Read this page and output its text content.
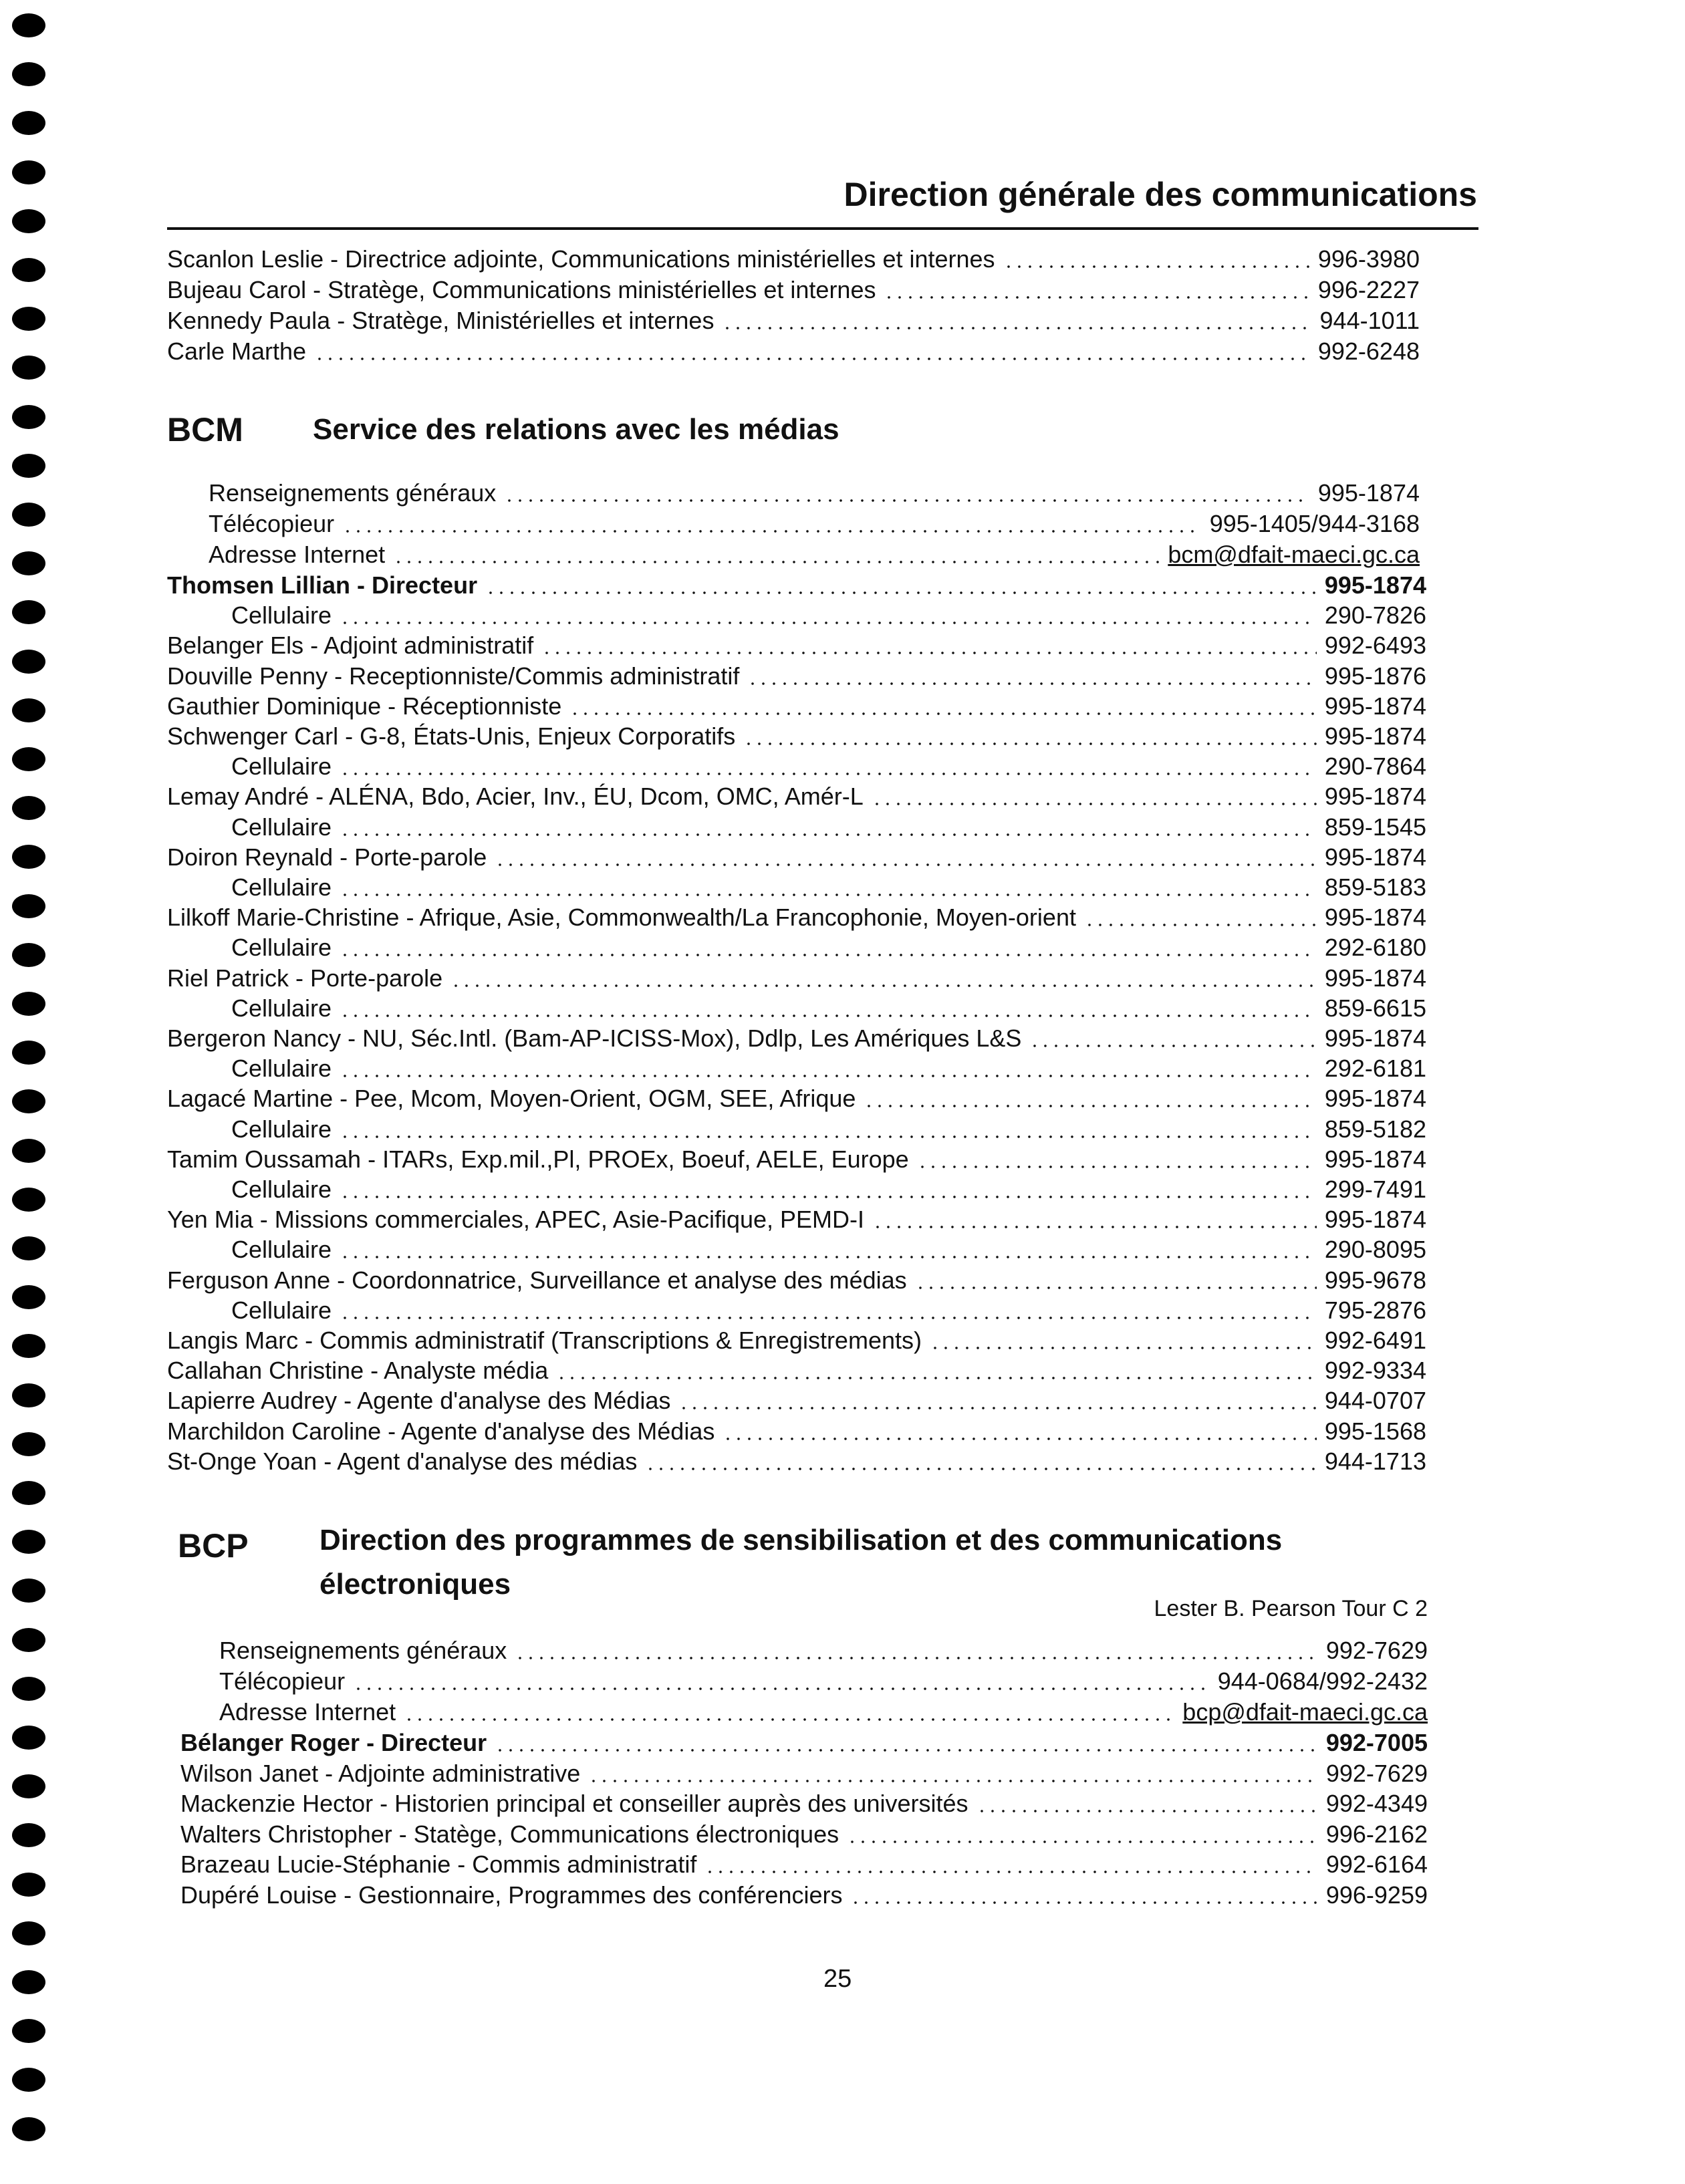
Direction générale des communications
Scanlon Leslie - Directrice adjointe, Communications ministérielles et internes	996-3980
Bujeau Carol - Stratège, Communications ministérielles et internes	996-2227
Kennedy Paula - Stratège, Ministérielles et internes	944-1011
Carle Marthe	992-6248
BCM Service des relations avec les médias
Renseignements généraux	995-1874
Télécopieur	995-1405/944-3168
Adresse Internet	bcm@dfait-maeci.gc.ca
Thomsen Lillian - Directeur	995-1874
Cellulaire	290-7826
Belanger Els - Adjoint administratif	992-6493
Douville Penny - Receptionniste/Commis administratif	995-1876
Gauthier Dominique - Réceptionniste	995-1874
Schwenger Carl - G-8, États-Unis, Enjeux Corporatifs	995-1874
Cellulaire	290-7864
Lemay André - ALÉNA, Bdo, Acier, Inv., ÉU, Dcom, OMC, Amér-L	995-1874
Cellulaire	859-1545
Doiron Reynald - Porte-parole	995-1874
Cellulaire	859-5183
Lilkoff Marie-Christine - Afrique, Asie, Commonwealth/La Francophonie, Moyen-orient	995-1874
Cellulaire	292-6180
Riel Patrick - Porte-parole	995-1874
Cellulaire	859-6615
Bergeron Nancy - NU, Séc.Intl. (Bam-AP-ICISS-Mox), Ddlp, Les Amériques L&S	995-1874
Cellulaire	292-6181
Lagacé Martine - Pee, Mcom, Moyen-Orient, OGM, SEE, Afrique	995-1874
Cellulaire	859-5182
Tamim Oussamah - ITARs, Exp.mil.,Pl, PROEx, Boeuf, AELE, Europe	995-1874
Cellulaire	299-7491
Yen Mia - Missions commerciales, APEC, Asie-Pacifique, PEMD-I	995-1874
Cellulaire	290-8095
Ferguson Anne - Coordonnatrice, Surveillance et analyse des médias	995-9678
Cellulaire	795-2876
Langis Marc - Commis administratif (Transcriptions & Enregistrements)	992-6491
Callahan Christine - Analyste média	992-9334
Lapierre Audrey - Agente d'analyse des Médias	944-0707
Marchildon Caroline - Agente d'analyse des Médias	995-1568
St-Onge Yoan - Agent d'analyse des médias	944-1713
BCP Direction des programmes de sensibilisation et des communications
électroniques
Lester B. Pearson Tour C 2
Renseignements généraux	992-7629
Télécopieur	944-0684/992-2432
Adresse Internet	bcp@dfait-maeci.gc.ca
Bélanger Roger - Directeur	992-7005
Wilson Janet - Adjointe administrative	992-7629
Mackenzie Hector - Historien principal et conseiller auprès des universités	992-4349
Walters Christopher - Statège, Communications électroniques	996-2162
Brazeau Lucie-Stéphanie - Commis administratif	992-6164
Dupéré Louise - Gestionnaire, Programmes des conférenciers	996-9259
25
